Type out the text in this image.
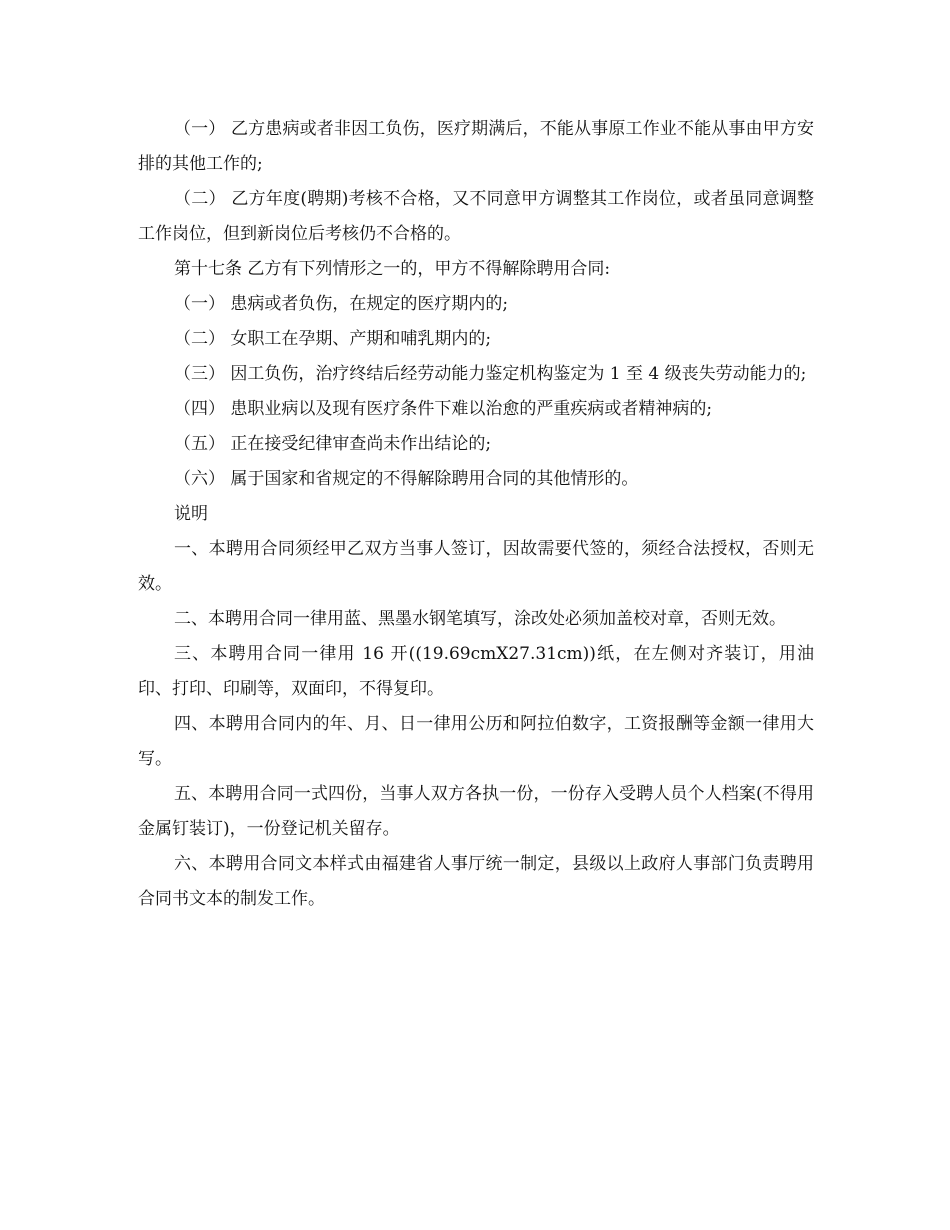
（一） 乙方患病或者非因工负伤，医疗期满后，不能从事原工作业不能从事由甲方安排的其他工作的;

（二） 乙方年度(聘期)考核不合格，又不同意甲方调整其工作岗位，或者虽同意调整工作岗位，但到新岗位后考核仍不合格的。

第十七条 乙方有下列情形之一的，甲方不得解除聘用合同:

（一） 患病或者负伤，在规定的医疗期内的;

（二） 女职工在孕期、产期和哺乳期内的;

（三） 因工负伤，治疗终结后经劳动能力鉴定机构鉴定为 1 至 4 级丧失劳动能力的;

（四） 患职业病以及现有医疗条件下难以治愈的严重疾病或者精神病的;

（五） 正在接受纪律审查尚未作出结论的;

（六） 属于国家和省规定的不得解除聘用合同的其他情形的。

说明

一、本聘用合同须经甲乙双方当事人签订，因故需要代签的，须经合法授权，否则无效。

二、本聘用合同一律用蓝、黑墨水钢笔填写，涂改处必须加盖校对章，否则无效。

三、本聘用合同一律用 16 开((19.69cmX27.31cm))纸，在左侧对齐装订，用油印、打印、印刷等，双面印，不得复印。

四、本聘用合同内的年、月、日一律用公历和阿拉伯数字，工资报酬等金额一律用大写。

五、本聘用合同一式四份，当事人双方各执一份，一份存入受聘人员个人档案(不得用金属钉装订)，一份登记机关留存。

六、本聘用合同文本样式由福建省人事厅统一制定，县级以上政府人事部门负责聘用合同书文本的制发工作。
